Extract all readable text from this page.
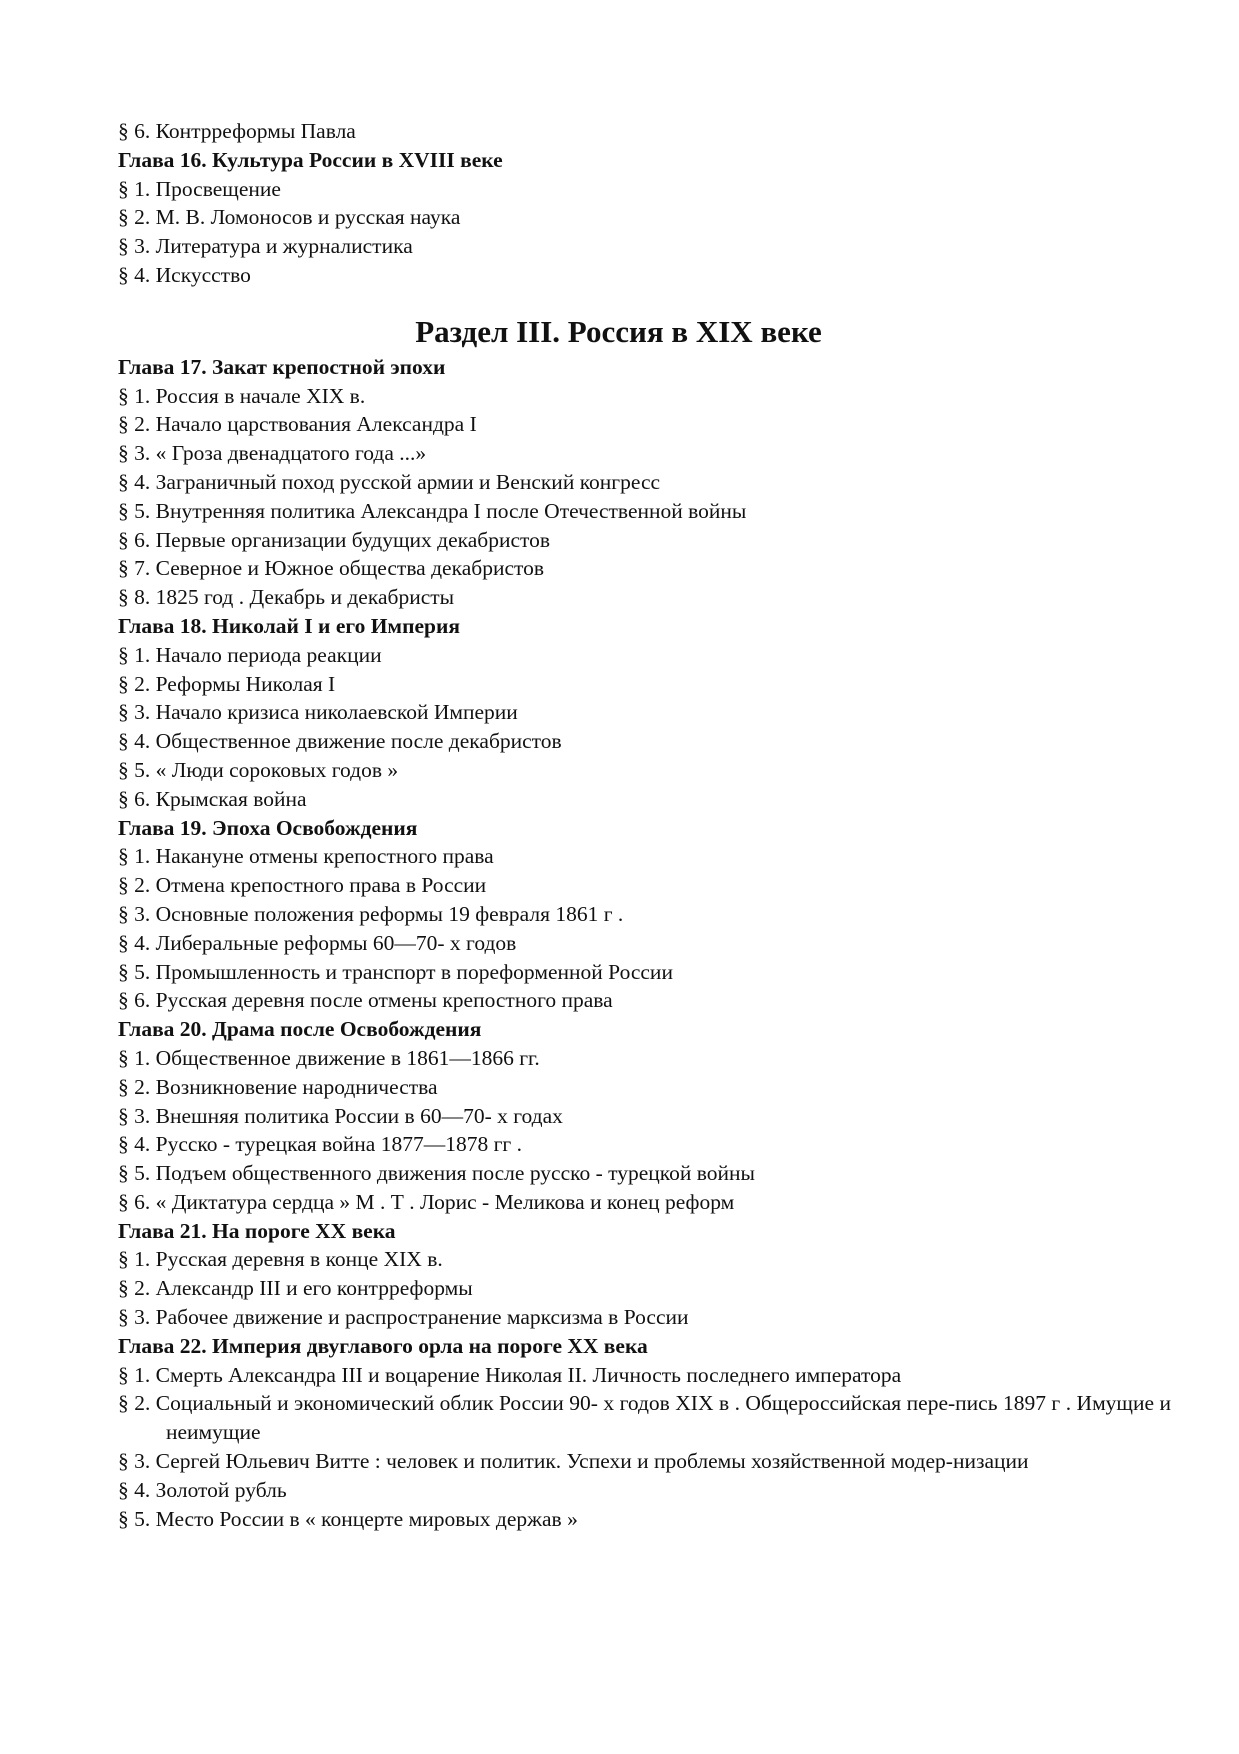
§ 6. Контрреформы Павла
Глава 16. Культура России в XVIII веке
§ 1. Просвещение
§ 2. М. В. Ломоносов и русская наука
§ 3. Литература и журналистика
§ 4. Искусство
Раздел III. Россия в XIX веке
Глава 17. Закат крепостной эпохи
§ 1. Россия в начале XIX в.
§ 2. Начало царствования Александра I
§ 3. « Гроза двенадцатого года ...»
§ 4. Заграничный поход русской армии и Венский конгресс
§ 5. Внутренняя политика Александра I после Отечественной войны
§ 6. Первые организации будущих декабристов
§ 7. Северное и Южное общества декабристов
§ 8. 1825 год . Декабрь и декабристы
Глава 18. Николай I и его Империя
§ 1. Начало периода реакции
§ 2. Реформы Николая I
§ 3. Начало кризиса николаевской Империи
§ 4. Общественное движение после декабристов
§ 5. « Люди сороковых годов »
§ 6. Крымская война
Глава 19. Эпоха Освобождения
§ 1. Накануне отмены крепостного права
§ 2. Отмена крепостного права в России
§ 3. Основные положения реформы 19 февраля 1861 г .
§ 4. Либеральные реформы 60—70- х годов
§ 5. Промышленность и транспорт в пореформенной России
§ 6. Русская деревня после отмены крепостного права
Глава 20. Драма после Освобождения
§ 1. Общественное движение в 1861—1866 гг.
§ 2. Возникновение народничества
§ 3. Внешняя политика России в 60—70- х годах
§ 4. Русско - турецкая война 1877—1878 гг .
§ 5. Подъем общественного движения после русско - турецкой войны
§ 6. « Диктатура сердца » М . Т . Лорис - Меликова и конец реформ
Глава 21. На пороге XX века
§ 1. Русская деревня в конце XIX в.
§ 2. Александр III и его контрреформы
§ 3. Рабочее движение и распространение марксизма в России
Глава 22. Империя двуглавого орла на пороге XX века
§ 1. Смерть Александра III и воцарение Николая II. Личность последнего императора
§ 2. Социальный и экономический облик России 90- х годов XIX в . Общероссийская пере-пись 1897 г . Имущие и неимущие
§ 3. Сергей Юльевич Витте : человек и политик. Успехи и проблемы хозяйственной модер-низации
§ 4. Золотой рубль
§ 5. Место России в « концерте мировых держав »
